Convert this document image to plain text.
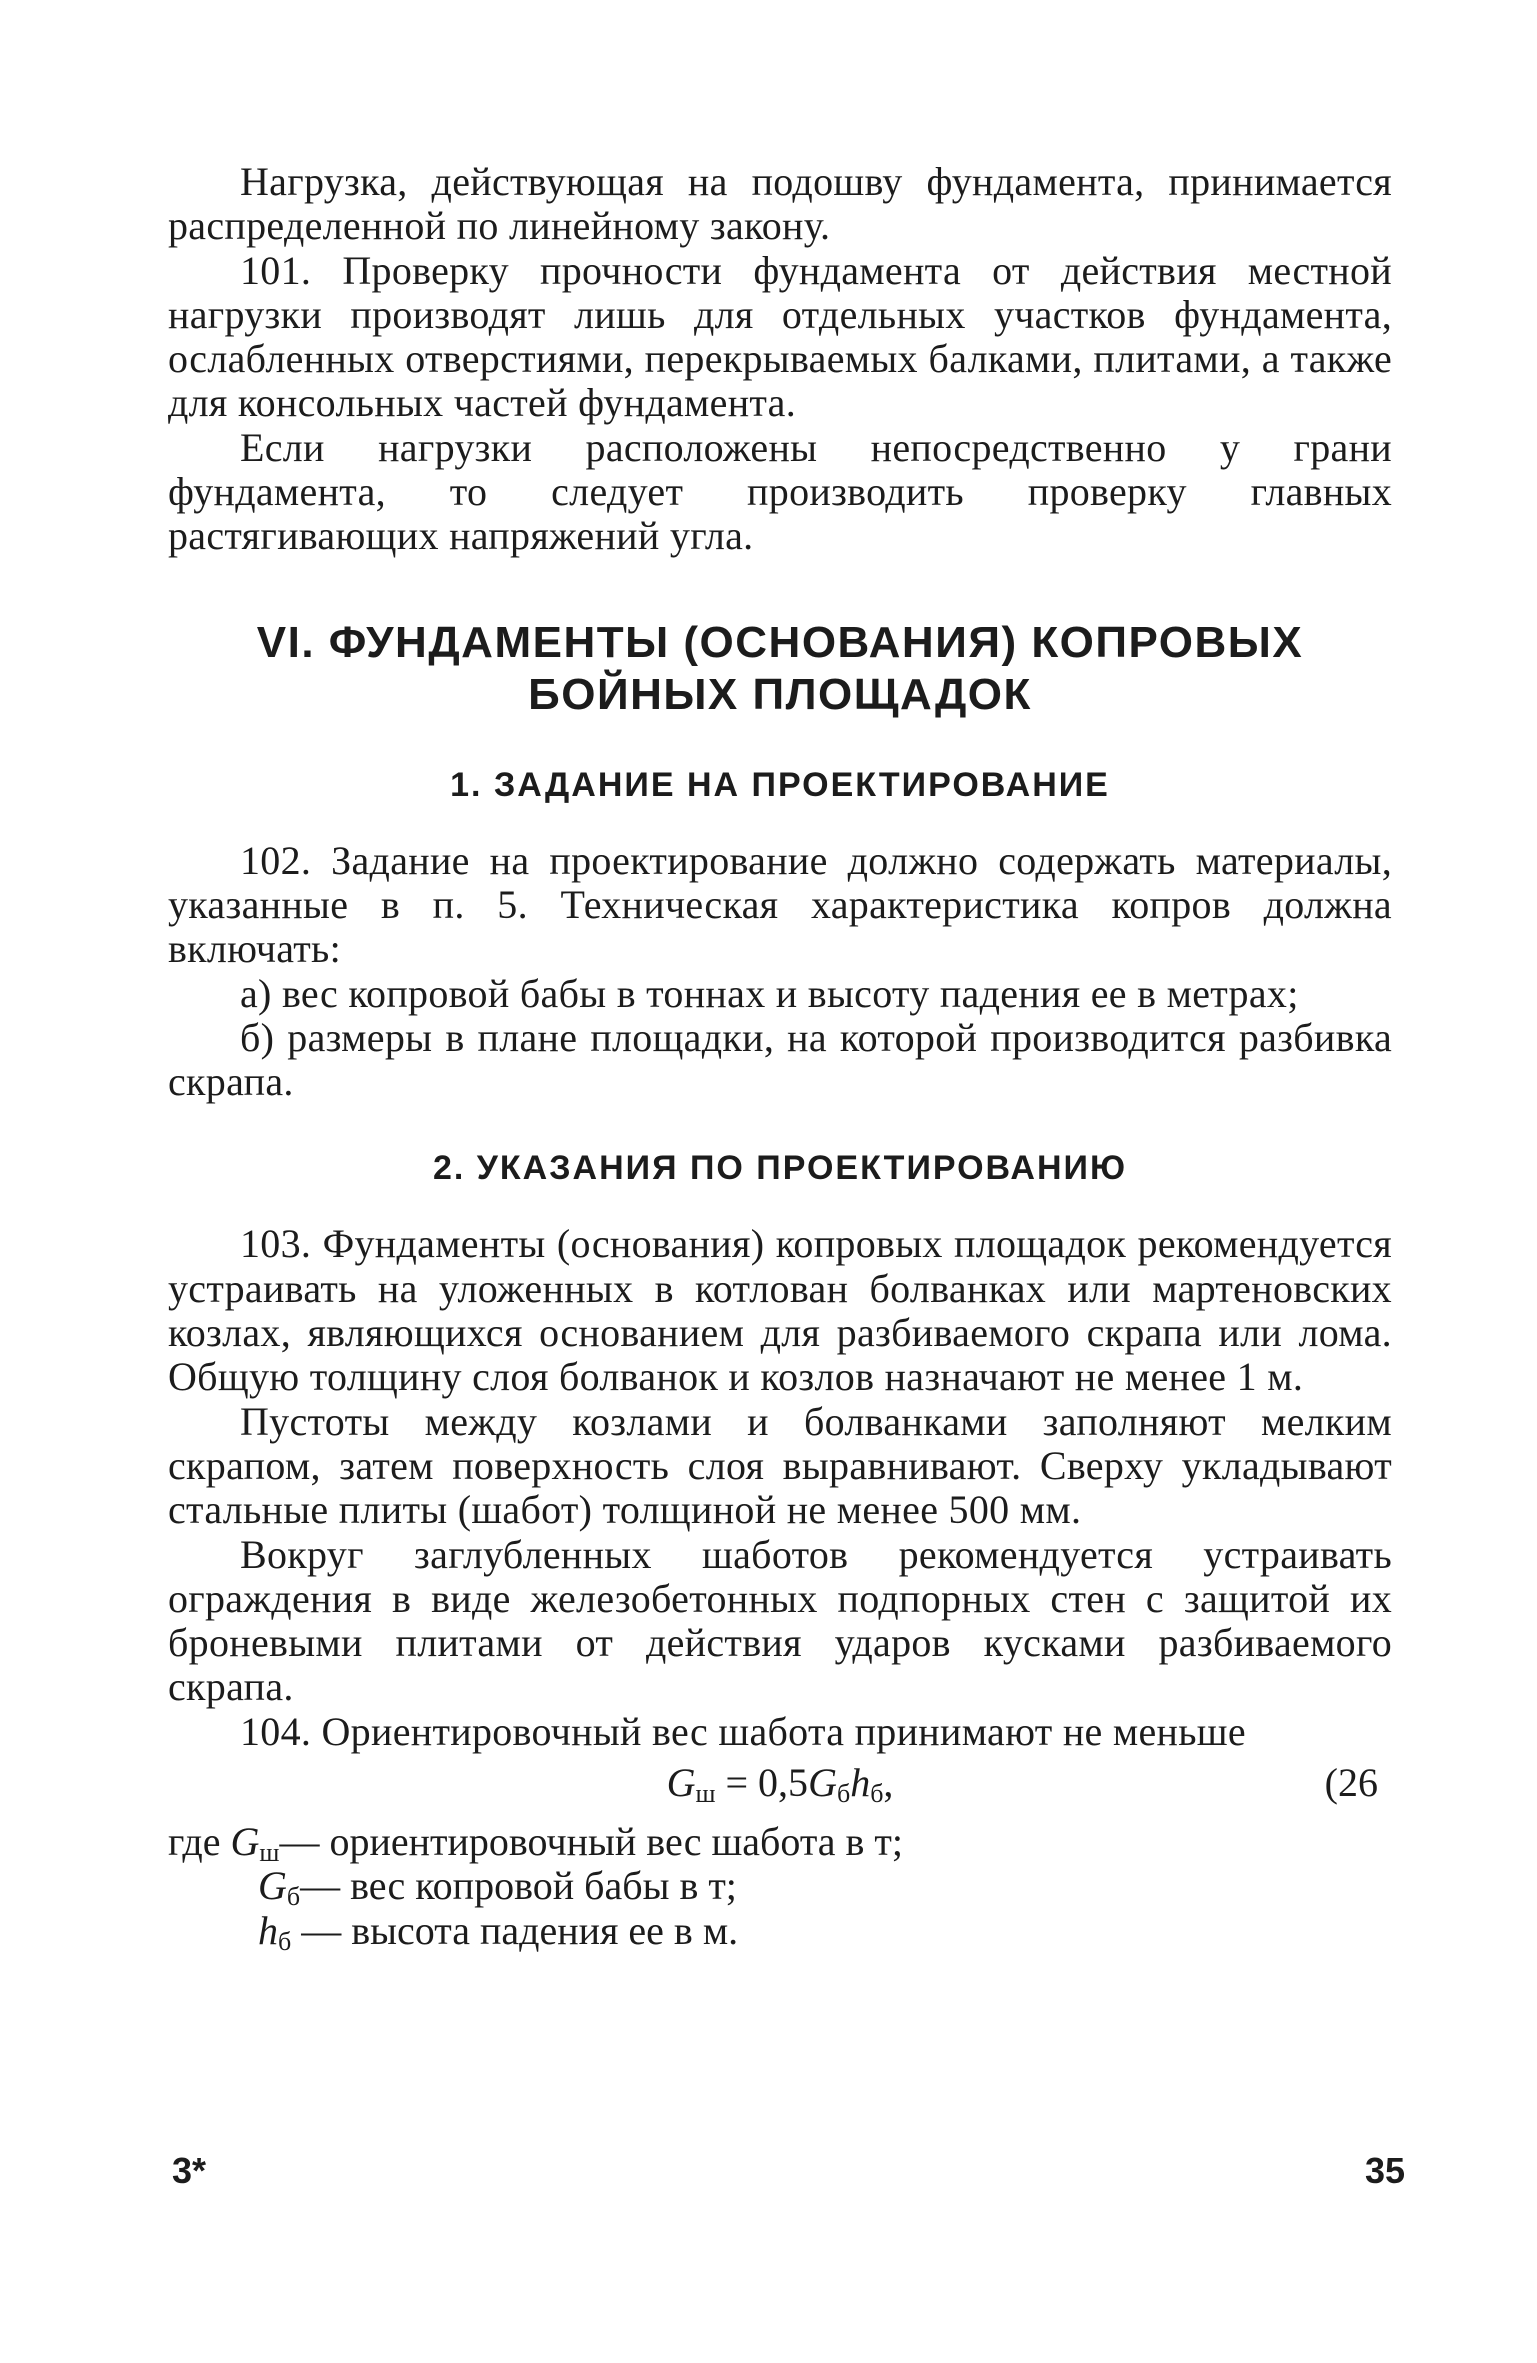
Нагрузка, действующая на подошву фундамента, принимается распределенной по линейному закону.

101. Проверку прочности фундамента от действия местной нагрузки производят лишь для отдельных участков фундамента, ослабленных отверстиями, перекрываемых балками, плитами, а также для консольных частей фундамента.

Если нагрузки расположены непосредственно у грани фундамента, то следует производить проверку главных растягивающих напряжений угла.

VI. ФУНДАМЕНТЫ (ОСНОВАНИЯ) КОПРОВЫХ
БОЙНЫХ ПЛОЩАДОК
1. ЗАДАНИЕ НА ПРОЕКТИРОВАНИЕ

102. Задание на проектирование должно содержать материалы, указанные в п. 5. Техническая характеристика копров должна включать:

а) вес копровой бабы в тоннах и высоту падения ее в метрах;

б) размеры в плане площадки, на которой производится разбивка скрапа.

2. УКАЗАНИЯ ПО ПРОЕКТИРОВАНИЮ

103. Фундаменты (основания) копровых площадок рекомендуется устраивать на уложенных в котлован болванках или мартеновских козлах, являющихся основанием для разбиваемого скрапа или лома. Общую толщину слоя болванок и козлов назначают не менее 1 м.

Пустоты между козлами и болванками заполняют мелким скрапом, затем поверхность слоя выравнивают. Сверху укладывают стальные плиты (шабот) толщиной не менее 500 мм.

Вокруг заглубленных шаботов рекомендуется устраивать ограждения в виде железобетонных подпорных стен с защитой их броневыми плитами от действия ударов кусками разбиваемого скрапа.

104. Ориентировочный вес шабота принимают не меньше

$G_ш = 0,5G_бh_б$,	(26
где $G_ш—$ ориентировочный вес шабота в т;
$G_б—$ вес копровой бабы в т;
$h_б$ — высота падения ее в м.
3*	35
